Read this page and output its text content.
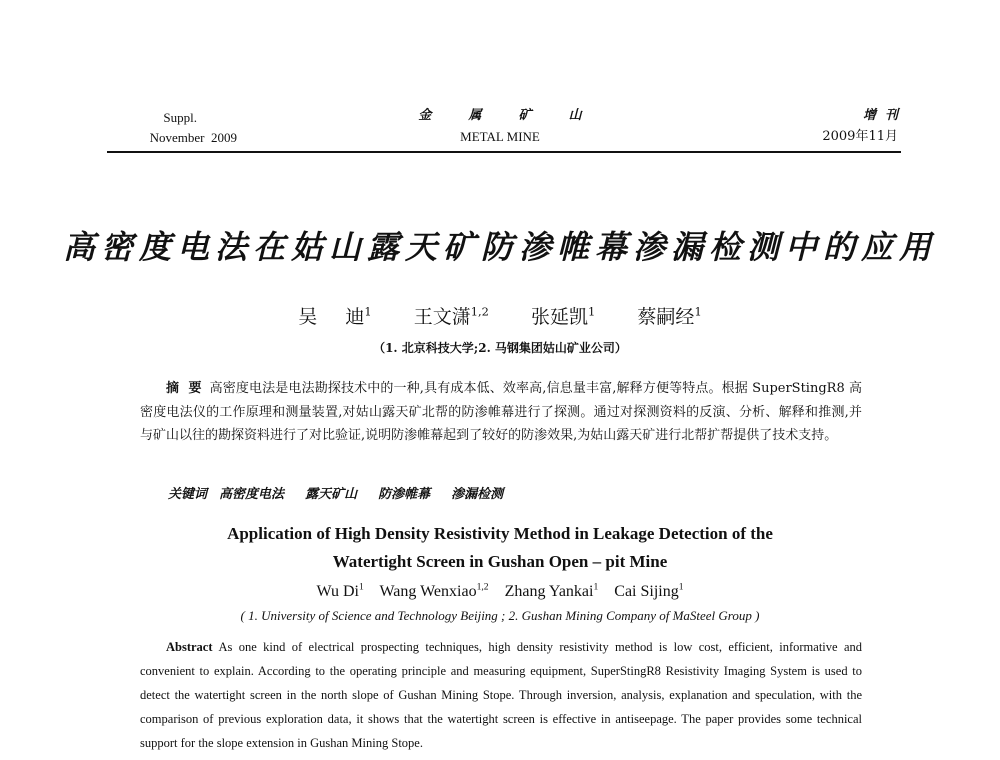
Suppl.
November  2009
金  属  矿  山
METAL MINE
增  刊
2009年11月
高密度电法在姑山露天矿防渗帷幕渗漏检测中的应用
吴  迪$^1$ 王文潇$^{1,2}$ 张延凯$^1$ 蔡嗣经$^1$
（1. 北京科技大学;2. 马钢集团姑山矿业公司）
摘  要 高密度电法是电法勘探技术中的一种,具有成本低、效率高,信息量丰富,解释方便等特点。根据 SuperStingR8 高密度电法仪的工作原理和测量装置,对姑山露天矿北帮的防渗帷幕进行了探测。通过对探测资料的反演、分析、解释和推测,并与矿山以往的勘探资料进行了对比验证,说明防渗帷幕起到了较好的防渗效果,为姑山露天矿进行北帮扩帮提供了技术支持。
关键词 高密度电法  露天矿山  防渗帷幕  渗漏检测
Application of High Density Resistivity Method in Leakage Detection of the
Watertight Screen in Gushan Open – pit Mine
Wu Di$^1$ Wang Wenxiao$^{1,2}$ Zhang Yankai$^1$ Cai Sijing$^1$
( 1. University of Science and Technology Beijing ; 2. Gushan Mining Company of MaSteel Group )
Abstract As one kind of electrical prospecting techniques, high density resistivity method is low cost, efficient, informative and convenient to explain. According to the operating principle and measuring equipment, SuperStingR8 Resistivity Imaging System is used to detect the watertight screen in the north slope of Gushan Mining Stope. Through inversion, analysis, explanation and speculation, with the comparison of previous exploration data, it shows that the watertight screen is effective in antiseepage. The paper provides some technical support for the slope extension in Gushan Mining Stope.
